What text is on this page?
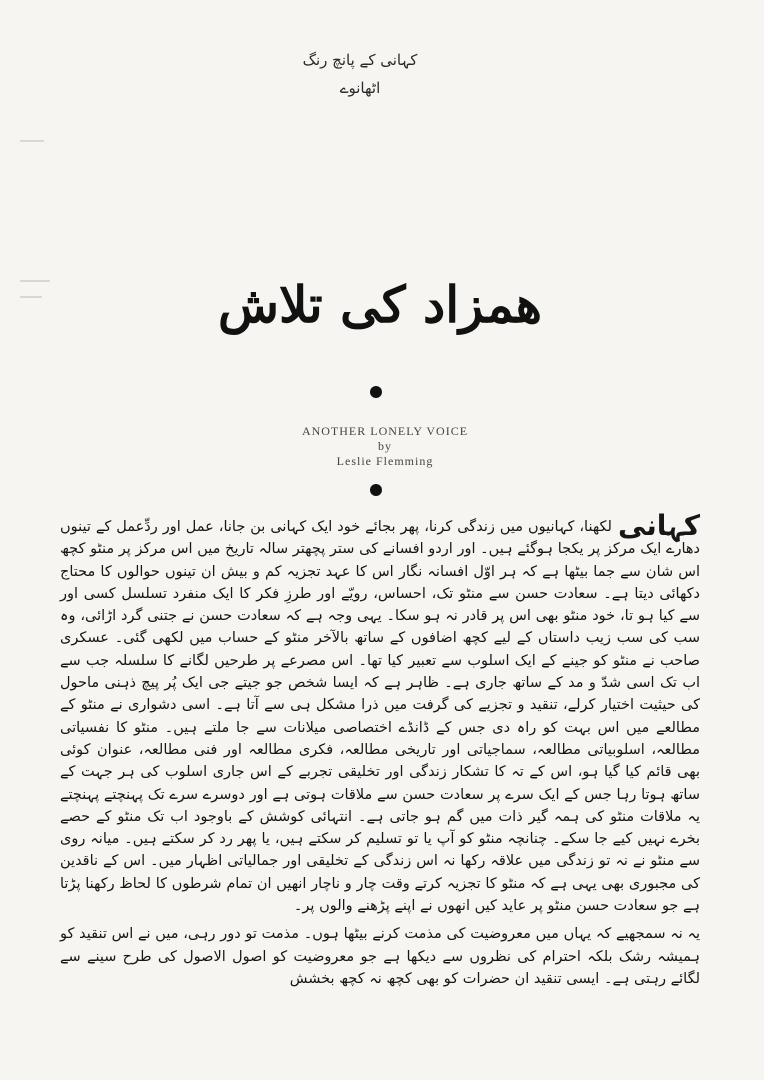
کہانی کے پانچ رنگ
اٹھانوے
ھمزاد کی تلاش
ANOTHER LONELY VOICE
by
Leslie Flemming

کہانیلکھنا، کہانیوں میں زندگی کرنا، پھر بجائے خود ایک کہانی بن جانا، عمل اور ردِّعمل کے تینوں دھارے ایک مرکز پر یکجا ہوگئے ہیں۔ اور اردو افسانے کی ستر پچھتر سالہ تاریخ میں اس مرکز پر منٹو کچھ اس شان سے جما بیٹھا ہے کہ ہر اوّل افسانہ نگار اس کا عہد تجزیہ کم و بیش ان تینوں حوالوں کا محتاج دکھائی دیتا ہے۔ سعادت حسن سے منٹو تک، احساس، رویّے اور طرزِ فکر کا ایک منفرد تسلسل کسی اور سے کیا ہو تا، خود منٹو بھی اس پر قادر نہ ہو سکا۔ یہی وجہ ہے کہ سعادت حسن نے جتنی گرد اڑائی، وہ سب کی سب زیب داستاں کے لیے کچھ اضافوں کے ساتھ بالآخر منٹو کے حساب میں لکھی گئی۔ عسکری صاحب نے منٹو کو جینے کے ایک اسلوب سے تعبیر کیا تھا۔ اس مصرعے پر طرحیں لگانے کا سلسلہ جب سے اب تک اسی شدّ و مد کے ساتھ جاری ہے۔ ظاہر ہے کہ ایسا شخص جو جیتے جی ایک پُر پیچ ذہنی ماحول کی حیثیت اختیار کرلے، تنقید و تجزیے کی گرفت میں ذرا مشکل ہی سے آتا ہے۔ اسی دشواری نے منٹو کے مطالعے میں اس بہت کو راہ دی جس کے ڈانڈے اختصاصی میلانات سے جا ملتے ہیں۔ منٹو کا نفسیاتی مطالعہ، اسلوبیاتی مطالعہ، سماجیاتی اور تاریخی مطالعہ، فکری مطالعہ اور فنی مطالعہ، عنوان کوئی بھی قائم کیا گیا ہو، اس کے تہ کا تشکار زندگی اور تخلیقی تجربے کے اس جاری اسلوب کی ہر جہت کے ساتھ ہوتا رہا جس کے ایک سرے پر سعادت حسن سے ملاقات ہوتی ہے اور دوسرے سرے تک پہنچتے پہنچتے یہ ملاقات منٹو کی ہمہ گیر ذات میں گم ہو جاتی ہے۔ انتہائی کوشش کے باوجود اب تک منٹو کے حصے بخرے نہیں کیے جا سکے۔ چنانچہ منٹو کو آپ یا تو تسلیم کر سکتے ہیں، یا پھر رد کر سکتے ہیں۔ میانہ روی سے منٹو نے نہ تو زندگی میں علاقہ رکھا نہ اس زندگی کے تخلیقی اور جمالیاتی اظہار میں۔ اس کے ناقدین کی مجبوری بھی یہی ہے کہ منٹو کا تجزیہ کرتے وقت چار و ناچار انھیں ان تمام شرطوں کا لحاظ رکھنا پڑتا ہے جو سعادت حسن منٹو پر عاید کیں انھوں نے اپنے پڑھنے والوں پر۔

یہ نہ سمجھیے کہ یہاں میں معروضیت کی مذمت کرنے بیٹھا ہوں۔ مذمت تو دور رہی، میں نے اس تنقید کو ہمیشہ رشک بلکہ احترام کی نظروں سے دیکھا ہے جو معروضیت کو اصول الاصول کی طرح سینے سے لگائے رہتی ہے۔ ایسی تنقید ان حضرات کو بھی کچھ نہ کچھ بخشش
